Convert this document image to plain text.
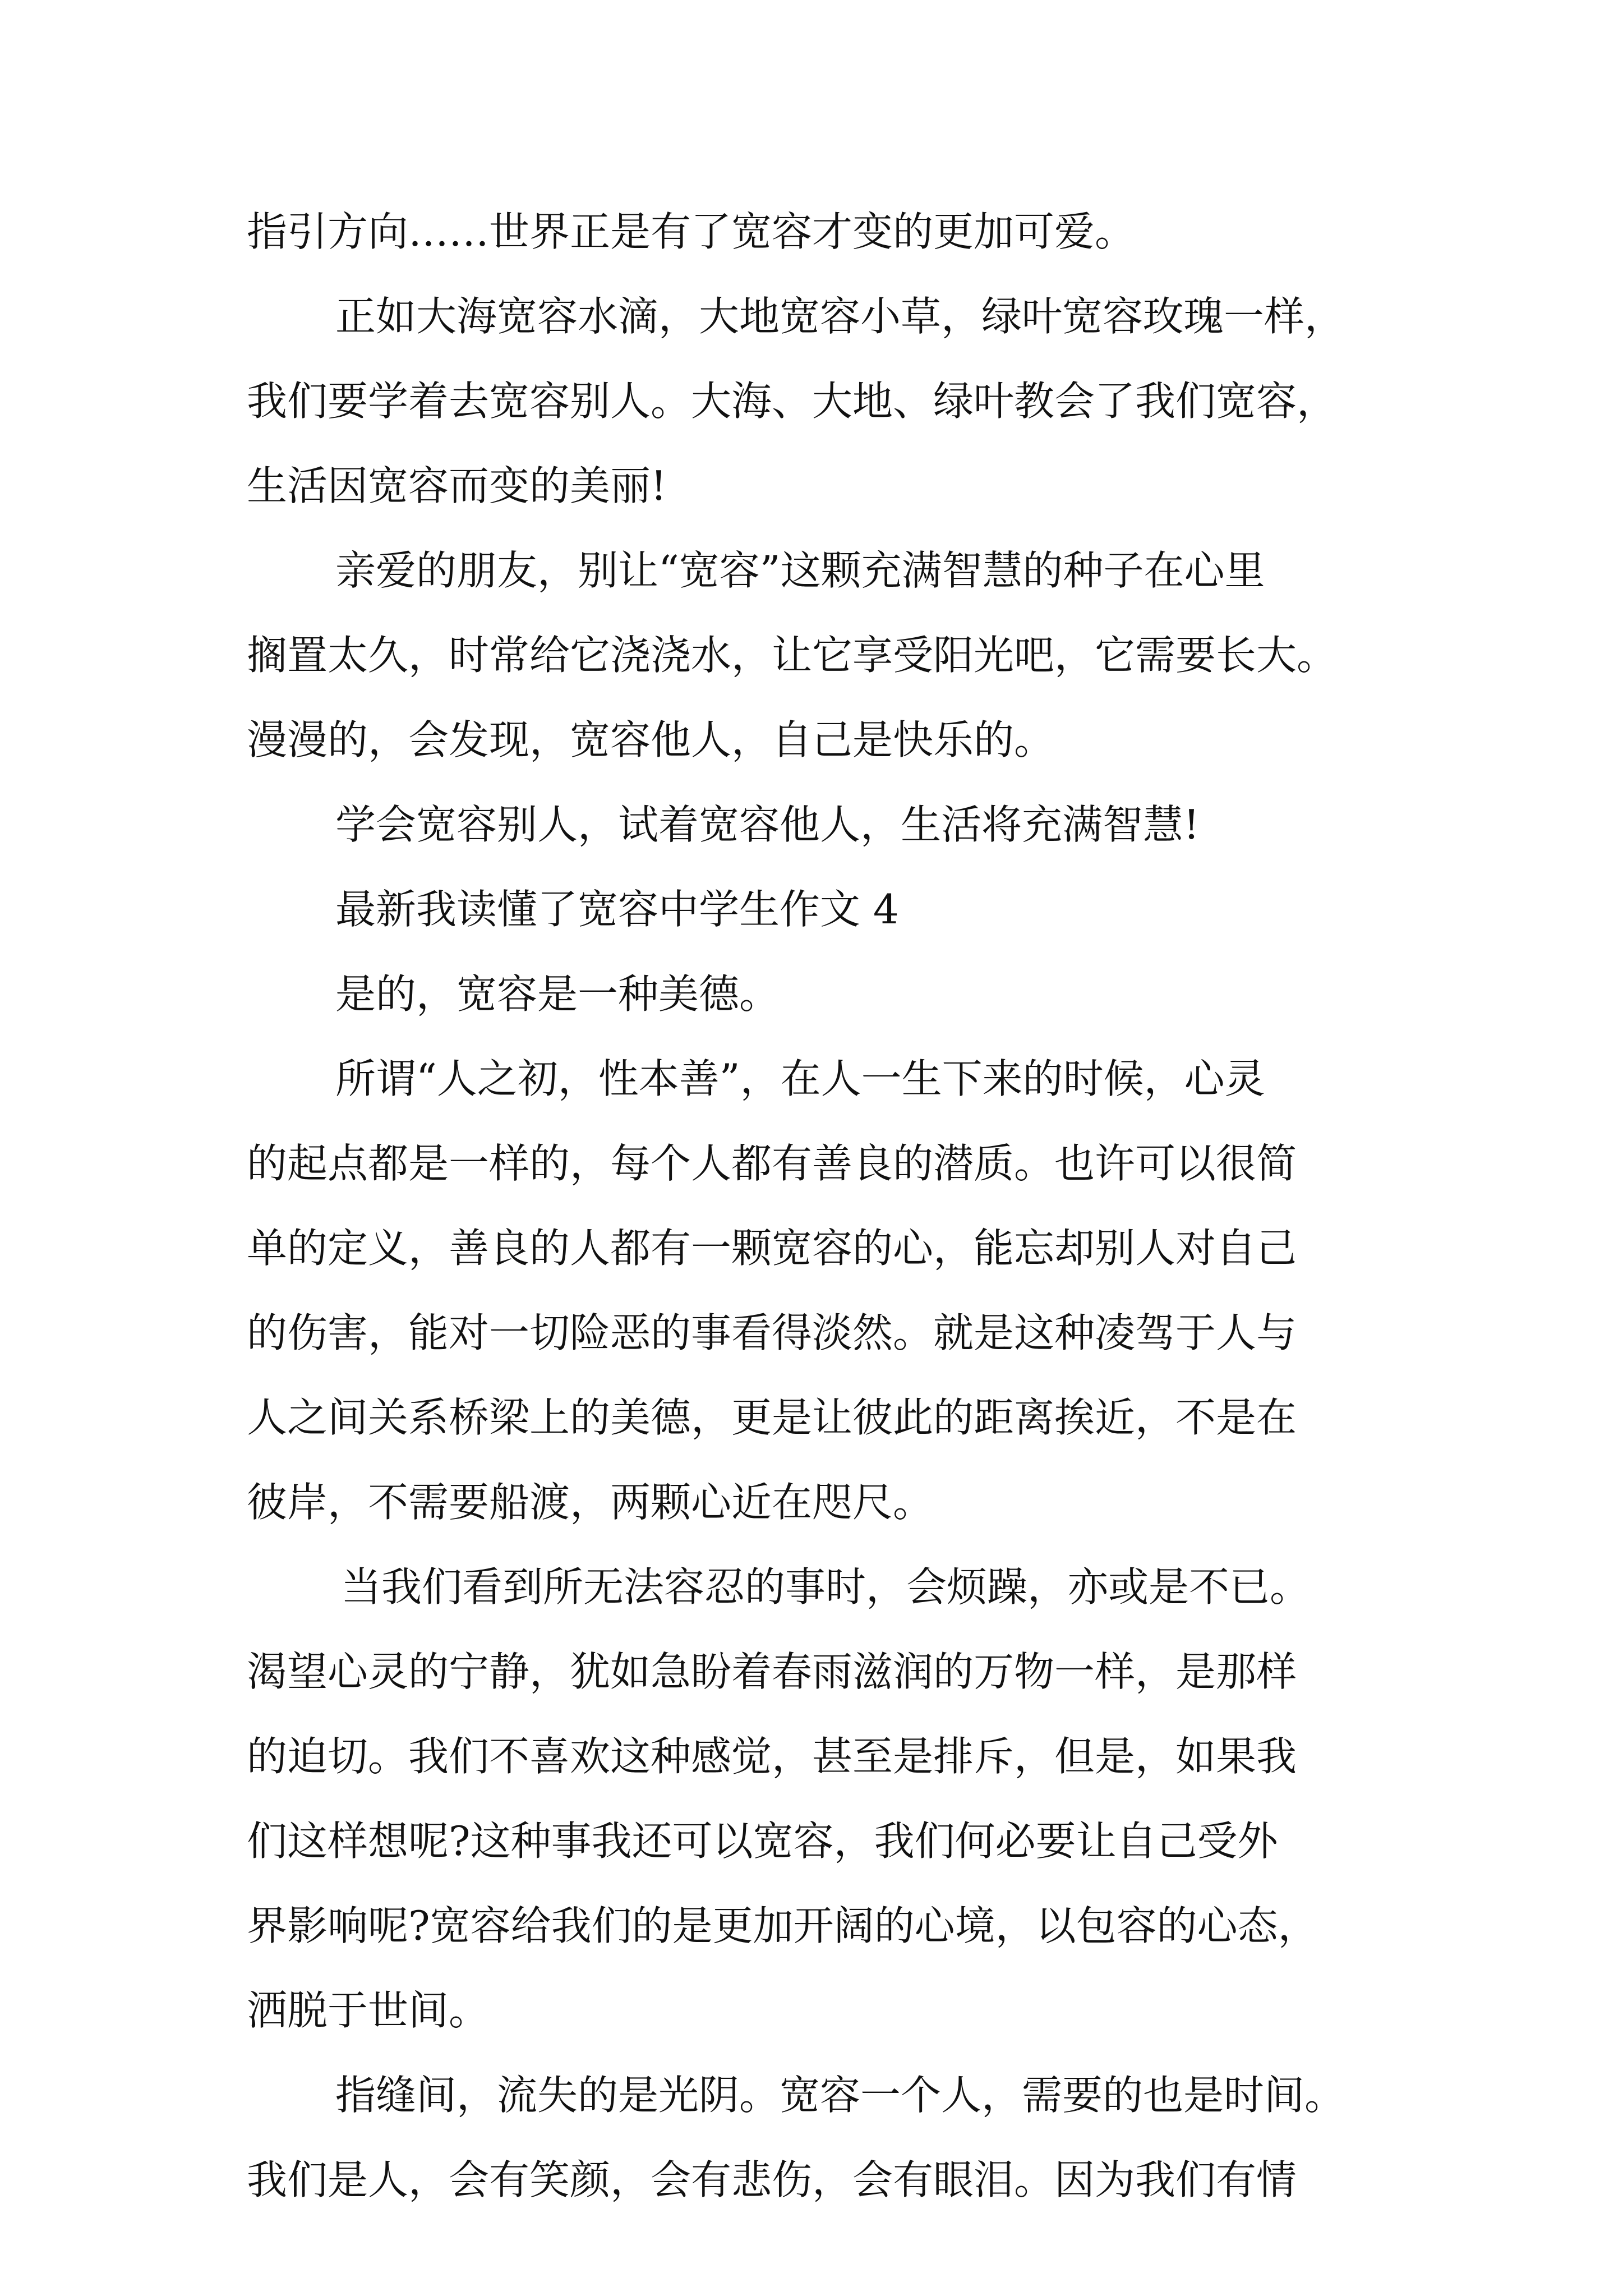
指引方向……世界正是有了宽容才变的更加可爱。
正如大海宽容水滴，大地宽容小草，绿叶宽容玫瑰一样，
我们要学着去宽容别人。大海、大地、绿叶教会了我们宽容，
生活因宽容而变的美丽!
亲爱的朋友，别让“宽容”这颗充满智慧的种子在心里
搁置太久，时常给它浇浇水，让它享受阳光吧，它需要长大。
漫漫的，会发现，宽容他人，自己是快乐的。
学会宽容别人，试着宽容他人，生活将充满智慧!
最新我读懂了宽容中学生作文 4
是的，宽容是一种美德。
所谓“人之初，性本善”，在人一生下来的时候，心灵
的起点都是一样的，每个人都有善良的潜质。也许可以很简
单的定义，善良的人都有一颗宽容的心，能忘却别人对自己
的伤害，能对一切险恶的事看得淡然。就是这种凌驾于人与
人之间关系桥梁上的美德，更是让彼此的距离挨近，不是在
彼岸，不需要船渡，两颗心近在咫尺。
当我们看到所无法容忍的事时，会烦躁，亦或是不已。
渴望心灵的宁静，犹如急盼着春雨滋润的万物一样，是那样
的迫切。我们不喜欢这种感觉，甚至是排斥，但是，如果我
们这样想呢?这种事我还可以宽容，我们何必要让自己受外
界影响呢?宽容给我们的是更加开阔的心境，以包容的心态，
洒脱于世间。
指缝间，流失的是光阴。宽容一个人，需要的也是时间。
我们是人，会有笑颜，会有悲伤，会有眼泪。因为我们有情
